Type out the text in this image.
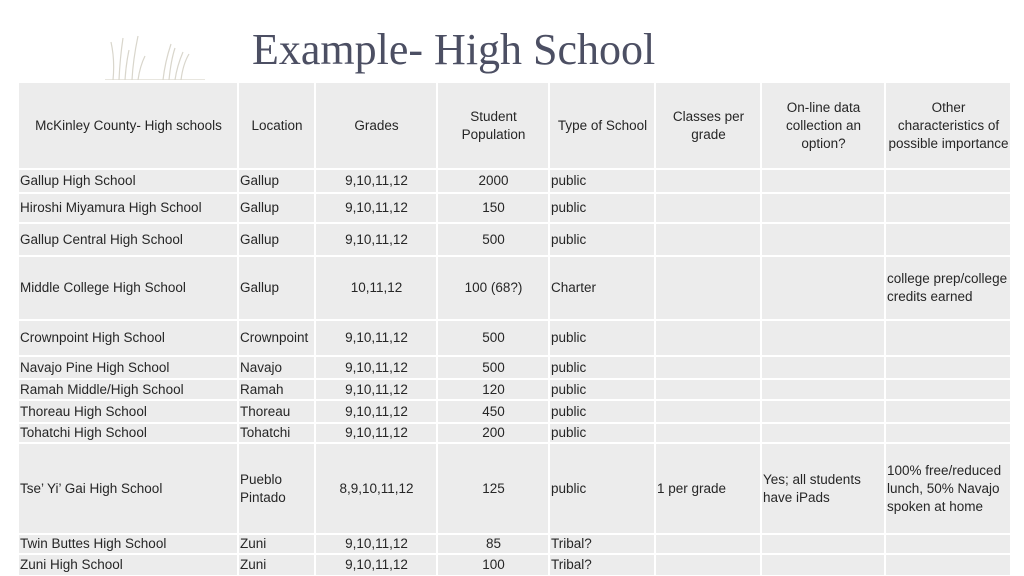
Example- High School
McKinley County- High schools	Location	Grades	Student Population	Type of School	Classes per grade	On-line data collection an option?	Other characteristics of possible importance
Gallup High School	Gallup	9,10,11,12	2000	public			
Hiroshi Miyamura High School	Gallup	9,10,11,12	150	public			
Gallup Central High School	Gallup	9,10,11,12	500	public			
Middle College High School	Gallup	10,11,12	100 (68?)	Charter			college prep/college credits earned
Crownpoint High School	Crownpoint	9,10,11,12	500	public			
Navajo Pine High School	Navajo	9,10,11,12	500	public			
Ramah Middle/High School	Ramah	9,10,11,12	120	public			
Thoreau High School	Thoreau	9,10,11,12	450	public			
Tohatchi High School	Tohatchi	9,10,11,12	200	public			
Tse’ Yi’ Gai High School	Pueblo Pintado	8,9,10,11,12	125	public	1 per grade	Yes; all students have iPads	100% free/reduced lunch, 50% Navajo spoken at home
Twin Buttes High School	Zuni	9,10,11,12	85	Tribal?			
Zuni High School	Zuni	9,10,11,12	100	Tribal?			
